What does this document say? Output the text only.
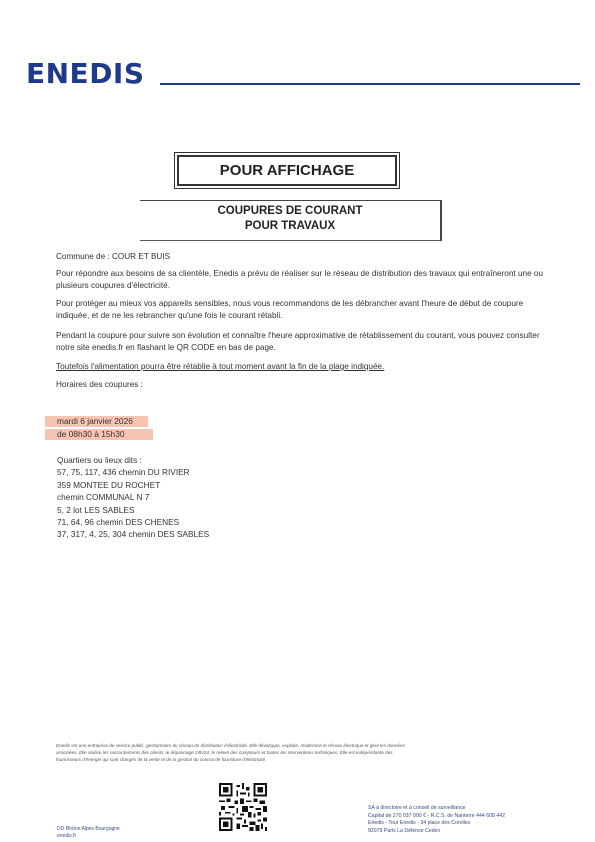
ENEDIS
POUR AFFICHAGE
COUPURES DE COURANT
POUR TRAVAUX
Commune de : COUR ET BUIS
Pour répondre aux besoins de sa clientèle, Enedis a prévu de réaliser sur le réseau de distribution des travaux qui entraîneront une ou plusieurs coupures d'électricité.
Pour protéger au mieux vos appareils sensibles, nous vous recommandons de les débrancher avant l'heure de début de coupure indiquée, et de ne les rebrancher qu'une fois le courant rétabli.
Pendant la coupure pour suivre son évolution et connaître l'heure approximative de rétablissement du courant, vous pouvez consulter notre site enedis.fr en flashant le QR CODE en bas de page.
Toutefois l'alimentation pourra être rétablie à tout moment avant la fin de la plage indiquée.
Horaires des coupures :
mardi 6 janvier 2026
de 08h30 à 15h30
Quartiers ou lieux dits :
57, 75, 117, 436 chemin DU RIVIER
359 MONTEE DU ROCHET
chemin COMMUNAL N 7
5, 2 lot LES SABLES
71, 64, 96 chemin DES CHENES
37, 317, 4, 25, 304 chemin DES SABLES
Enedis est une entreprise de service public, gestionnaire du réseau de distribution d'électricité. Elle développe, exploite, modernise le réseau électrique et gère les données
associées. Elle réalise les raccordements des clients, le dépannage 24h/24, le relevé des compteurs et toutes les interventions techniques. Elle est indépendante des
fournisseurs d'énergie qui sont chargés de la vente et de la gestion du contrat de fourniture d'électricité.
SA à directoire et à conseil de surveillance
Capital de 270 037 000 € - R.C.S. de Nanterre 444 608 442
Enedis - Tour Enedis - 34 place des Corolles
92079 Paris La Défense Cedex
DD Rhône Alpes Bourgogne
enedis.fr
